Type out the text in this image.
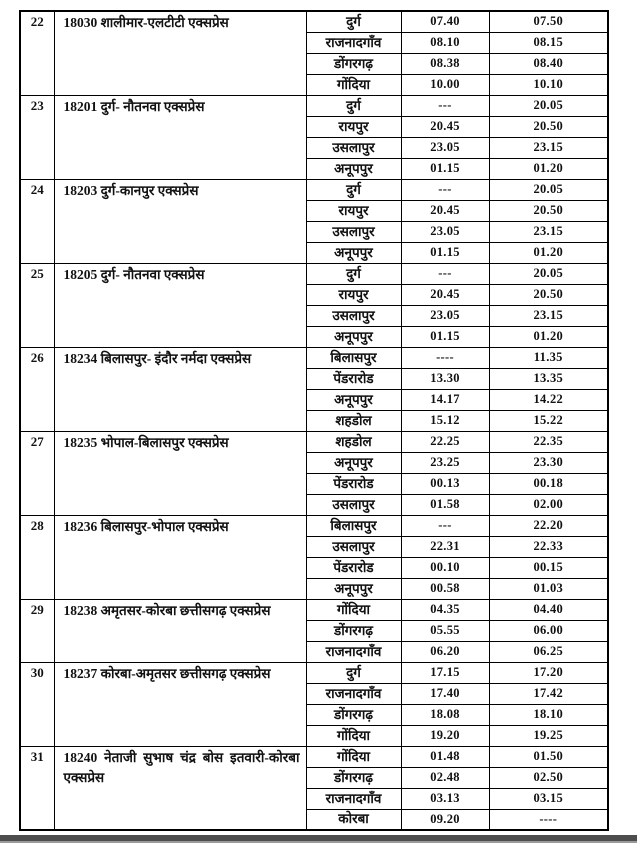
22	18030 शालीमार-एलटीटी एक्सप्रेस	दुर्ग	07.40	07.50
		राजनादगाँव	08.10	08.15
		डोंगरगढ़	08.38	08.40
		गोंदिया	10.00	10.10
23	18201 दुर्ग- नौतनवा एक्सप्रेस	दुर्ग	---	20.05
		रायपुर	20.45	20.50
		उसलापुर	23.05	23.15
		अनूपपुर	01.15	01.20
24	18203 दुर्ग-कानपुर एक्सप्रेस	दुर्ग	---	20.05
		रायपुर	20.45	20.50
		उसलापुर	23.05	23.15
		अनूपपुर	01.15	01.20
25	18205 दुर्ग- नौतनवा एक्सप्रेस	दुर्ग	---	20.05
		रायपुर	20.45	20.50
		उसलापुर	23.05	23.15
		अनूपपुर	01.15	01.20
26	18234 बिलासपुर- इंदौर नर्मदा एक्सप्रेस	बिलासपुर	----	11.35
		पेंडरारोड	13.30	13.35
		अनूपपुर	14.17	14.22
		शहडोल	15.12	15.22
27	18235 भोपाल-बिलासपुर एक्सप्रेस	शहडोल	22.25	22.35
		अनूपपुर	23.25	23.30
		पेंडरारोड	00.13	00.18
		उसलापुर	01.58	02.00
28	18236 बिलासपुर-भोपाल एक्सप्रेस	बिलासपुर	---	22.20
		उसलापुर	22.31	22.33
		पेंडरारोड	00.10	00.15
		अनूपपुर	00.58	01.03
29	18238 अमृतसर-कोरबा छत्तीसगढ़ एक्सप्रेस	गोंदिया	04.35	04.40
		डोंगरगढ़	05.55	06.00
		राजनादगाँव	06.20	06.25
30	18237 कोरबा-अमृतसर छत्तीसगढ़ एक्सप्रेस	दुर्ग	17.15	17.20
		राजनादगाँव	17.40	17.42
		डोंगरगढ़	18.08	18.10
		गोंदिया	19.20	19.25
31	18240 नेताजी सुभाष चंद्र बोस इतवारी-कोरबा एक्सप्रेस	गोंदिया	01.48	01.50
		डोंगरगढ़	02.48	02.50
		राजनादगाँव	03.13	03.15
		कोरबा	09.20	----
